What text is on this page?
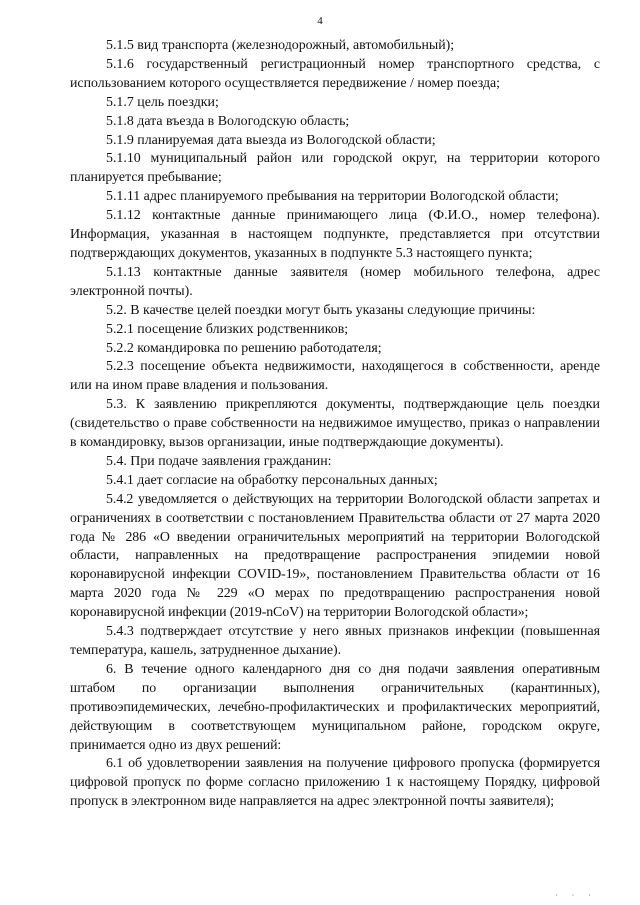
4

5.1.5 вид транспорта (железнодорожный, автомобильный);

5.1.6 государственный регистрационный номер транспортного средства, с использованием которого осуществляется передвижение / номер поезда;

5.1.7 цель поездки;

5.1.8 дата въезда в Вологодскую область;

5.1.9 планируемая дата выезда из Вологодской области;

5.1.10 муниципальный район или городской округ, на территории которого планируется пребывание;

5.1.11 адрес планируемого пребывания на территории Вологодской области;

5.1.12 контактные данные принимающего лица (Ф.И.О., номер телефона). Информация, указанная в настоящем подпункте, представляется при отсутствии подтверждающих документов, указанных в подпункте 5.3 настоящего пункта;

5.1.13 контактные данные заявителя (номер мобильного телефона, адрес электронной почты).

5.2. В качестве целей поездки могут быть указаны следующие причины:

5.2.1 посещение близких родственников;

5.2.2 командировка по решению работодателя;

5.2.3 посещение объекта недвижимости, находящегося в собственности, аренде или на ином праве владения и пользования.

5.3. К заявлению прикрепляются документы, подтверждающие цель поездки (свидетельство о праве собственности на недвижимое имущество, приказ о направлении в командировку, вызов организации, иные подтверждающие документы).

5.4. При подаче заявления гражданин:

5.4.1 дает согласие на обработку персональных данных;

5.4.2 уведомляется о действующих на территории Вологодской области запретах и ограничениях в соответствии с постановлением Правительства области от 27 марта 2020 года № 286 «О введении ограничительных мероприятий на территории Вологодской области, направленных на предотвращение распространения эпидемии новой коронавирусной инфекции COVID-19», постановлением Правительства области от 16 марта 2020 года № 229 «О мерах по предотвращению распространения новой коронавирусной инфекции (2019-nCoV) на территории Вологодской области»;

5.4.3 подтверждает отсутствие у него явных признаков инфекции (повышенная температура, кашель, затрудненное дыхание).

6. В течение одного календарного дня со дня подачи заявления оперативным штабом по организации выполнения ограничительных (карантинных), противоэпидемических, лечебно-профилактических и профилактических мероприятий, действующим в соответствующем муниципальном районе, городском округе, принимается одно из двух решений:

6.1 об удовлетворении заявления на получение цифрового пропуска (формируется цифровой пропуск по форме согласно приложению 1 к настоящему Порядку, цифровой пропуск в электронном виде направляется на адрес электронной почты заявителя);

· · ·
